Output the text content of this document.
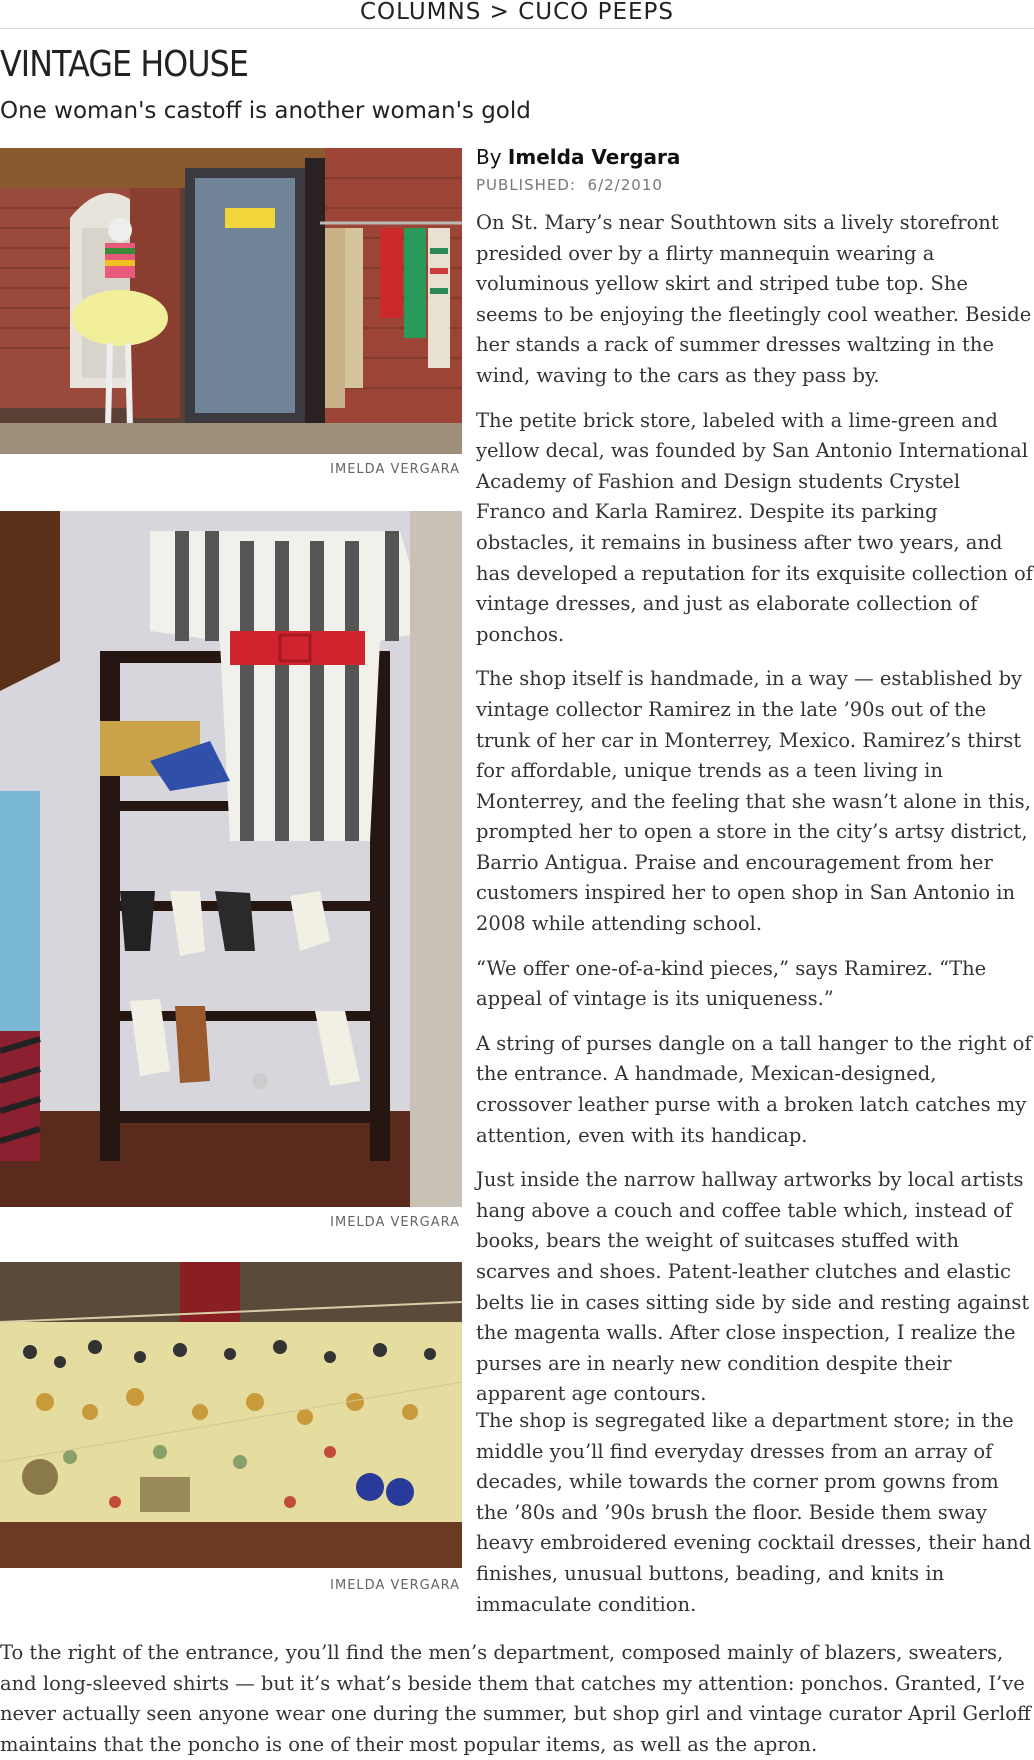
COLUMNS > CUCO PEEPS
VINTAGE HOUSE
One woman's castoff is another woman's gold
IMELDA VERGARA
IMELDA VERGARA
IMELDA VERGARA
By Imelda Vergara
PUBLISHED: 6/2/2010

On St. Mary’s near Southtown sits a lively storefront presided over by a flirty mannequin wearing a voluminous yellow skirt and striped tube top. She seems to be enjoying the fleetingly cool weather. Beside her stands a rack of summer dresses waltzing in the wind, waving to the cars as they pass by.

The petite brick store, labeled with a lime-green and yellow decal, was founded by San Antonio International Academy of Fashion and Design students Crystel Franco and Karla Ramirez. Despite its parking obstacles, it remains in business after two years, and has developed a reputation for its exquisite collection of vintage dresses, and just as elaborate collection of ponchos.

The shop itself is handmade, in a way — established by vintage collector Ramirez in the late ’90s out of the trunk of her car in Monterrey, Mexico. Ramirez’s thirst for affordable, unique trends as a teen living in Monterrey, and the feeling that she wasn’t alone in this, prompted her to open a store in the city’s artsy district, Barrio Antigua. Praise and encouragement from her customers inspired her to open shop in San Antonio in 2008 while attending school.

“We offer one-of-a-kind pieces,” says Ramirez. “The appeal of vintage is its uniqueness.”

A string of purses dangle on a tall hanger to the right of the entrance. A handmade, Mexican-designed, crossover leather purse with a broken latch catches my attention, even with its handicap.

Just inside the narrow hallway artworks by local artists hang above a couch and coffee table which, instead of books, bears the weight of suitcases stuffed with scarves and shoes. Patent-leather clutches and elastic belts lie in cases sitting side by side and resting against the magenta walls. After close inspection, I realize the purses are in nearly new condition despite their apparent age contours.

The shop is segregated like a department store; in the middle you’ll find everyday dresses from an array of decades, while towards the corner prom gowns from the ’80s and ’90s brush the floor. Beside them sway heavy embroidered evening cocktail dresses, their hand finishes, unusual buttons, beading, and knits in immaculate condition.

To the right of the entrance, you’ll find the men’s department, composed mainly of blazers, sweaters, and long-sleeved shirts — but it’s what’s beside them that catches my attention: ponchos. Granted, I’ve never actually seen anyone wear one during the summer, but shop girl and vintage curator April Gerloff maintains that the poncho is one of their most popular items, as well as the apron.
